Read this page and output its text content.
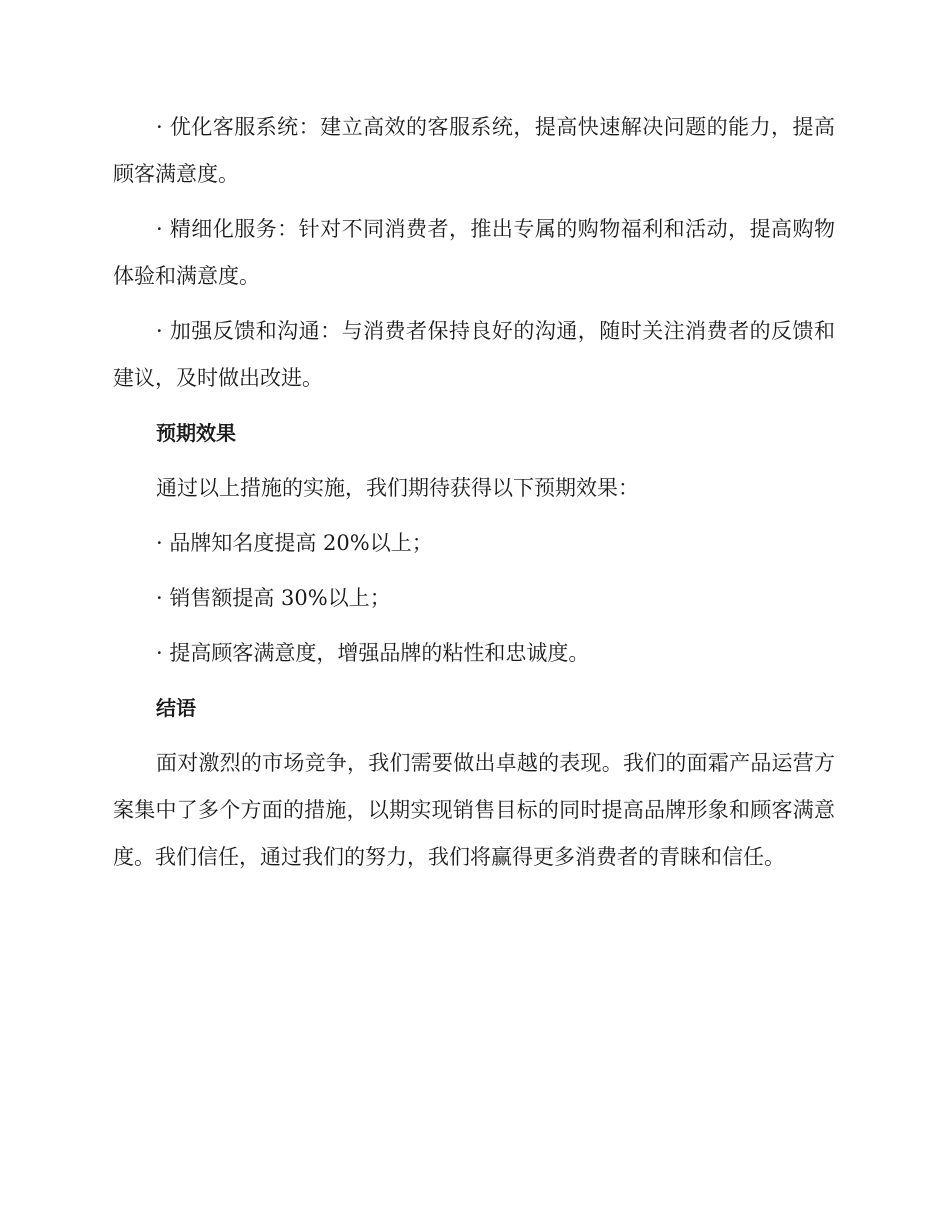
· 优化客服系统：建立高效的客服系统，提高快速解决问题的能力，提高顾客满意度。

· 精细化服务：针对不同消费者，推出专属的购物福利和活动，提高购物体验和满意度。

· 加强反馈和沟通：与消费者保持良好的沟通，随时关注消费者的反馈和建议，及时做出改进。

预期效果

通过以上措施的实施，我们期待获得以下预期效果：

· 品牌知名度提高 20%以上；

· 销售额提高 30%以上；

· 提高顾客满意度，增强品牌的粘性和忠诚度。

结语

面对激烈的市场竞争，我们需要做出卓越的表现。我们的面霜产品运营方案集中了多个方面的措施，以期实现销售目标的同时提高品牌形象和顾客满意度。我们信任，通过我们的努力，我们将赢得更多消费者的青睐和信任。
